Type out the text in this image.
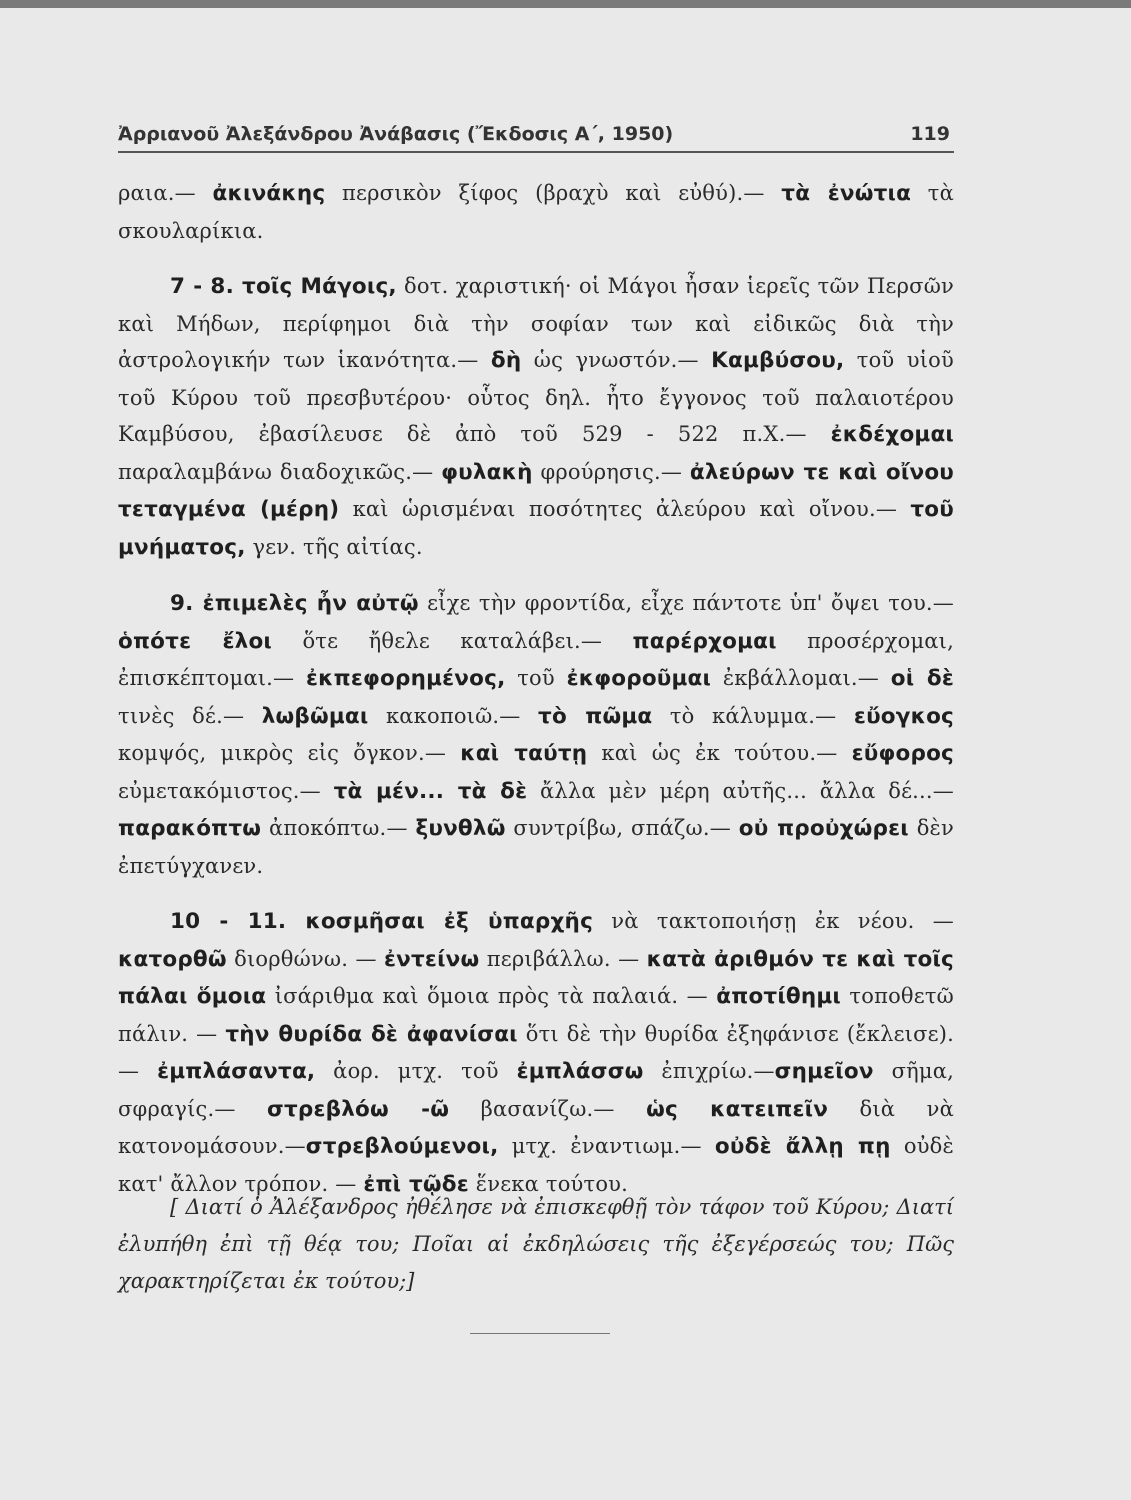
Ἀρριανοῦ Ἀλεξάνδρου Ἀνάβασις (Ἔκδοσις Α΄, 1950)	119

ραια.— ἀκινάκης περσικὸν ξίφος (βραχὺ καὶ εὐθύ).— τὰ ἐνώτια τὰ σκουλαρίκια.

7 - 8. τοῖς Μάγοις, δοτ. χαριστική· οἱ Μάγοι ἦσαν ἱερεῖς τῶν Περσῶν καὶ Μήδων, περίφημοι διὰ τὴν σοφίαν των καὶ εἰδικῶς διὰ τὴν ἀστρολογικήν των ἱκανότητα.— δὴ ὡς γνωστόν.— Καμβύσου, τοῦ υἱοῦ τοῦ Κύρου τοῦ πρεσβυτέρου· οὗτος δηλ. ἦτο ἔγγονος τοῦ παλαιοτέρου Καμβύσου, ἐβασίλευσε δὲ ἀπὸ τοῦ 529 - 522 π.Χ.— ἐκδέχομαι παραλαμβάνω διαδοχικῶς.— φυλακὴ φρούρησις.— ἀλεύρων τε καὶ οἴνου τεταγμένα (μέρη) καὶ ὡρισμέναι ποσότητες ἀλεύρου καὶ οἴνου.— τοῦ μνήματος, γεν. τῆς αἰτίας.

9. ἐπιμελὲς ἦν αὐτῷ εἶχε τὴν φροντίδα, εἶχε πάντοτε ὑπ' ὄψει του.— ὁπότε ἔλοι ὅτε ἤθελε καταλάβει.— παρέρχομαι προσέρχομαι, ἐπισκέπτομαι.— ἐκπεφορημένος, τοῦ ἐκφοροῦμαι ἐκβάλλομαι.— οἱ δὲ τινὲς δέ.— λωβῶμαι κακοποιῶ.— τὸ πῶμα τὸ κάλυμμα.— εὔογκος κομψός, μικρὸς εἰς ὄγκον.— καὶ ταύτῃ καὶ ὡς ἐκ τούτου.— εὔφορος εὐμετακόμιστος.— τὰ μέν... τὰ δὲ ἄλλα μὲν μέρη αὐτῆς... ἄλλα δέ...— παρακόπτω ἀποκόπτω.— ξυνθλῶ συντρίβω, σπάζω.— οὐ προὐχώρει δὲν ἐπετύγχανεν.

10 - 11. κοσμῆσαι ἐξ ὑπαρχῆς νὰ τακτοποιήσῃ ἐκ νέου. — κατορθῶ διορθώνω. — ἐντείνω περιβάλλω. — κατὰ ἀριθμόν τε καὶ τοῖς πάλαι ὅμοια ἰσάριθμα καὶ ὅμοια πρὸς τὰ παλαιά. — ἀποτίθημι τοποθετῶ πάλιν. — τὴν θυρίδα δὲ ἀφανίσαι ὅτι δὲ τὴν θυρίδα ἐξηφάνισε (ἔκλεισε). — ἐμπλάσαντα, ἀορ. μτχ. τοῦ ἐμπλάσσω ἐπιχρίω.—σημεῖον σῆμα, σφραγίς.— στρεβλόω -ῶ βασανίζω.— ὡς κατειπεῖν διὰ νὰ κατονομάσουν.—στρεβλούμενοι, μτχ. ἐναντιωμ.— οὐδὲ ἄλλῃ πῃ οὐδὲ κατ' ἄλλον τρόπον. — ἐπὶ τῷδε ἕνεκα τούτου.

[ Διατί ὁ Ἀλέξανδρος ἠθέλησε νὰ ἐπισκεφθῇ τὸν τάφον τοῦ Κύρου; Διατί ἐλυπήθη ἐπὶ τῇ θέᾳ του; Ποῖαι αἱ ἐκδηλώσεις τῆς ἐξεγέρσεώς του; Πῶς χαρακτηρίζεται ἐκ τούτου;]
